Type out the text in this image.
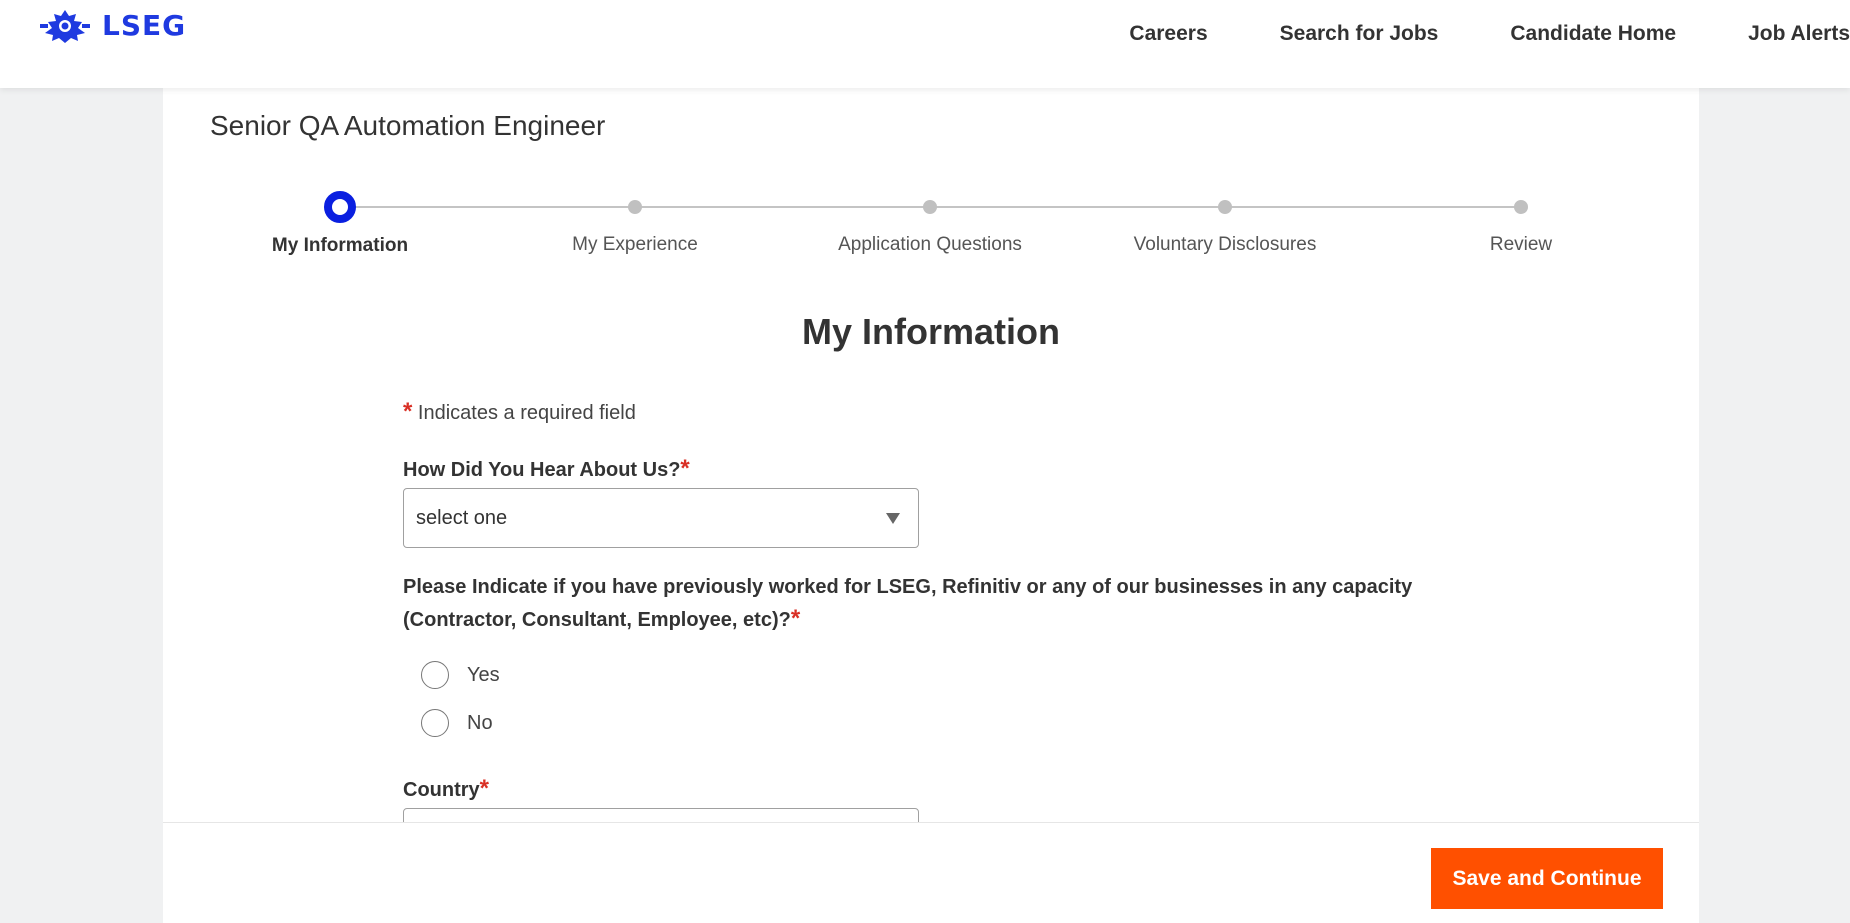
LSEG	Careers	Search for Jobs	Candidate Home	Job Alerts
Senior QA Automation Engineer
My Information	My Experience	Application Questions	Voluntary Disclosures	Review
My Information
* Indicates a required field
How Did You Hear About Us?*
select one
Please Indicate if you have previously worked for LSEG, Refinitiv or any of our businesses in any capacity (Contractor, Consultant, Employee, etc)?*
Yes
No
Country*
Save and Continue
